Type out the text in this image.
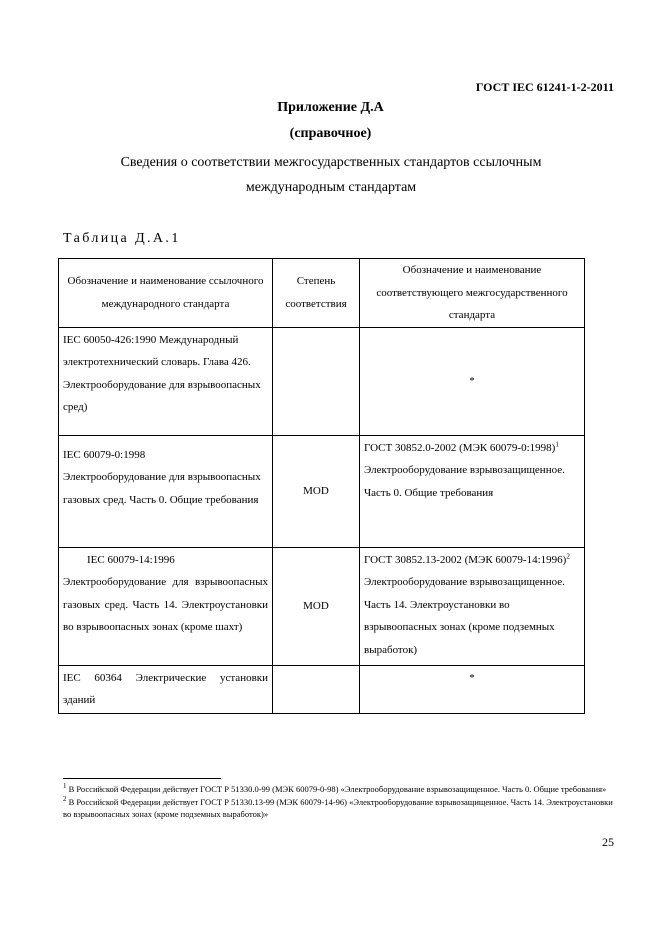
ГОСТ IEC 61241-1-2-2011
Приложение Д.А
(справочное)
Сведения о соответствии межгосударственных стандартов ссылочным международным стандартам
Таблица Д.А.1
Обозначение и наименование ссылочного международного стандарта	Степень соответствия	Обозначение и наименование соответствующего межгосударственного стандарта
IEC 60050-426:1990 Международный электротехнический словарь. Глава 426. Электрооборудование для взрывоопасных сред)		*

IEC 60079-0:1998
Электрооборудование для взрывоопасных газовых сред. Часть 0. Общие требования	MOD	ГОСТ 30852.0-2002 (МЭК 60079-0:1998)$^1$ Электрооборудование взрывозащищенное. Часть 0. Общие требования

IEC 60079-14:1996
Электрооборудование для взрывоопасных газовых сред. Часть 14. Электроустановки во взрывоопасных зонах (кроме шахт)	MOD	ГОСТ 30852.13-2002 (МЭК 60079-14:1996)$^2$ Электрооборудование взрывозащищенное. Часть 14. Электроустановки во взрывоопасных зонах (кроме подземных выработок)
IEC 60364 Электрические установки зданий		*

$^1$ В Российской Федерации действует ГОСТ Р 51330.0-99 (МЭК 60079-0-98) «Электрооборудование взрывозащищенное. Часть 0. Общие требования»

$^2$ В Российской Федерации действует ГОСТ Р 51330.13-99 (МЭК 60079-14-96) «Электрооборудование взрывозащищенное. Часть 14. Электроустановки во взрывоопасных зонах (кроме подземных выработок)»

25
